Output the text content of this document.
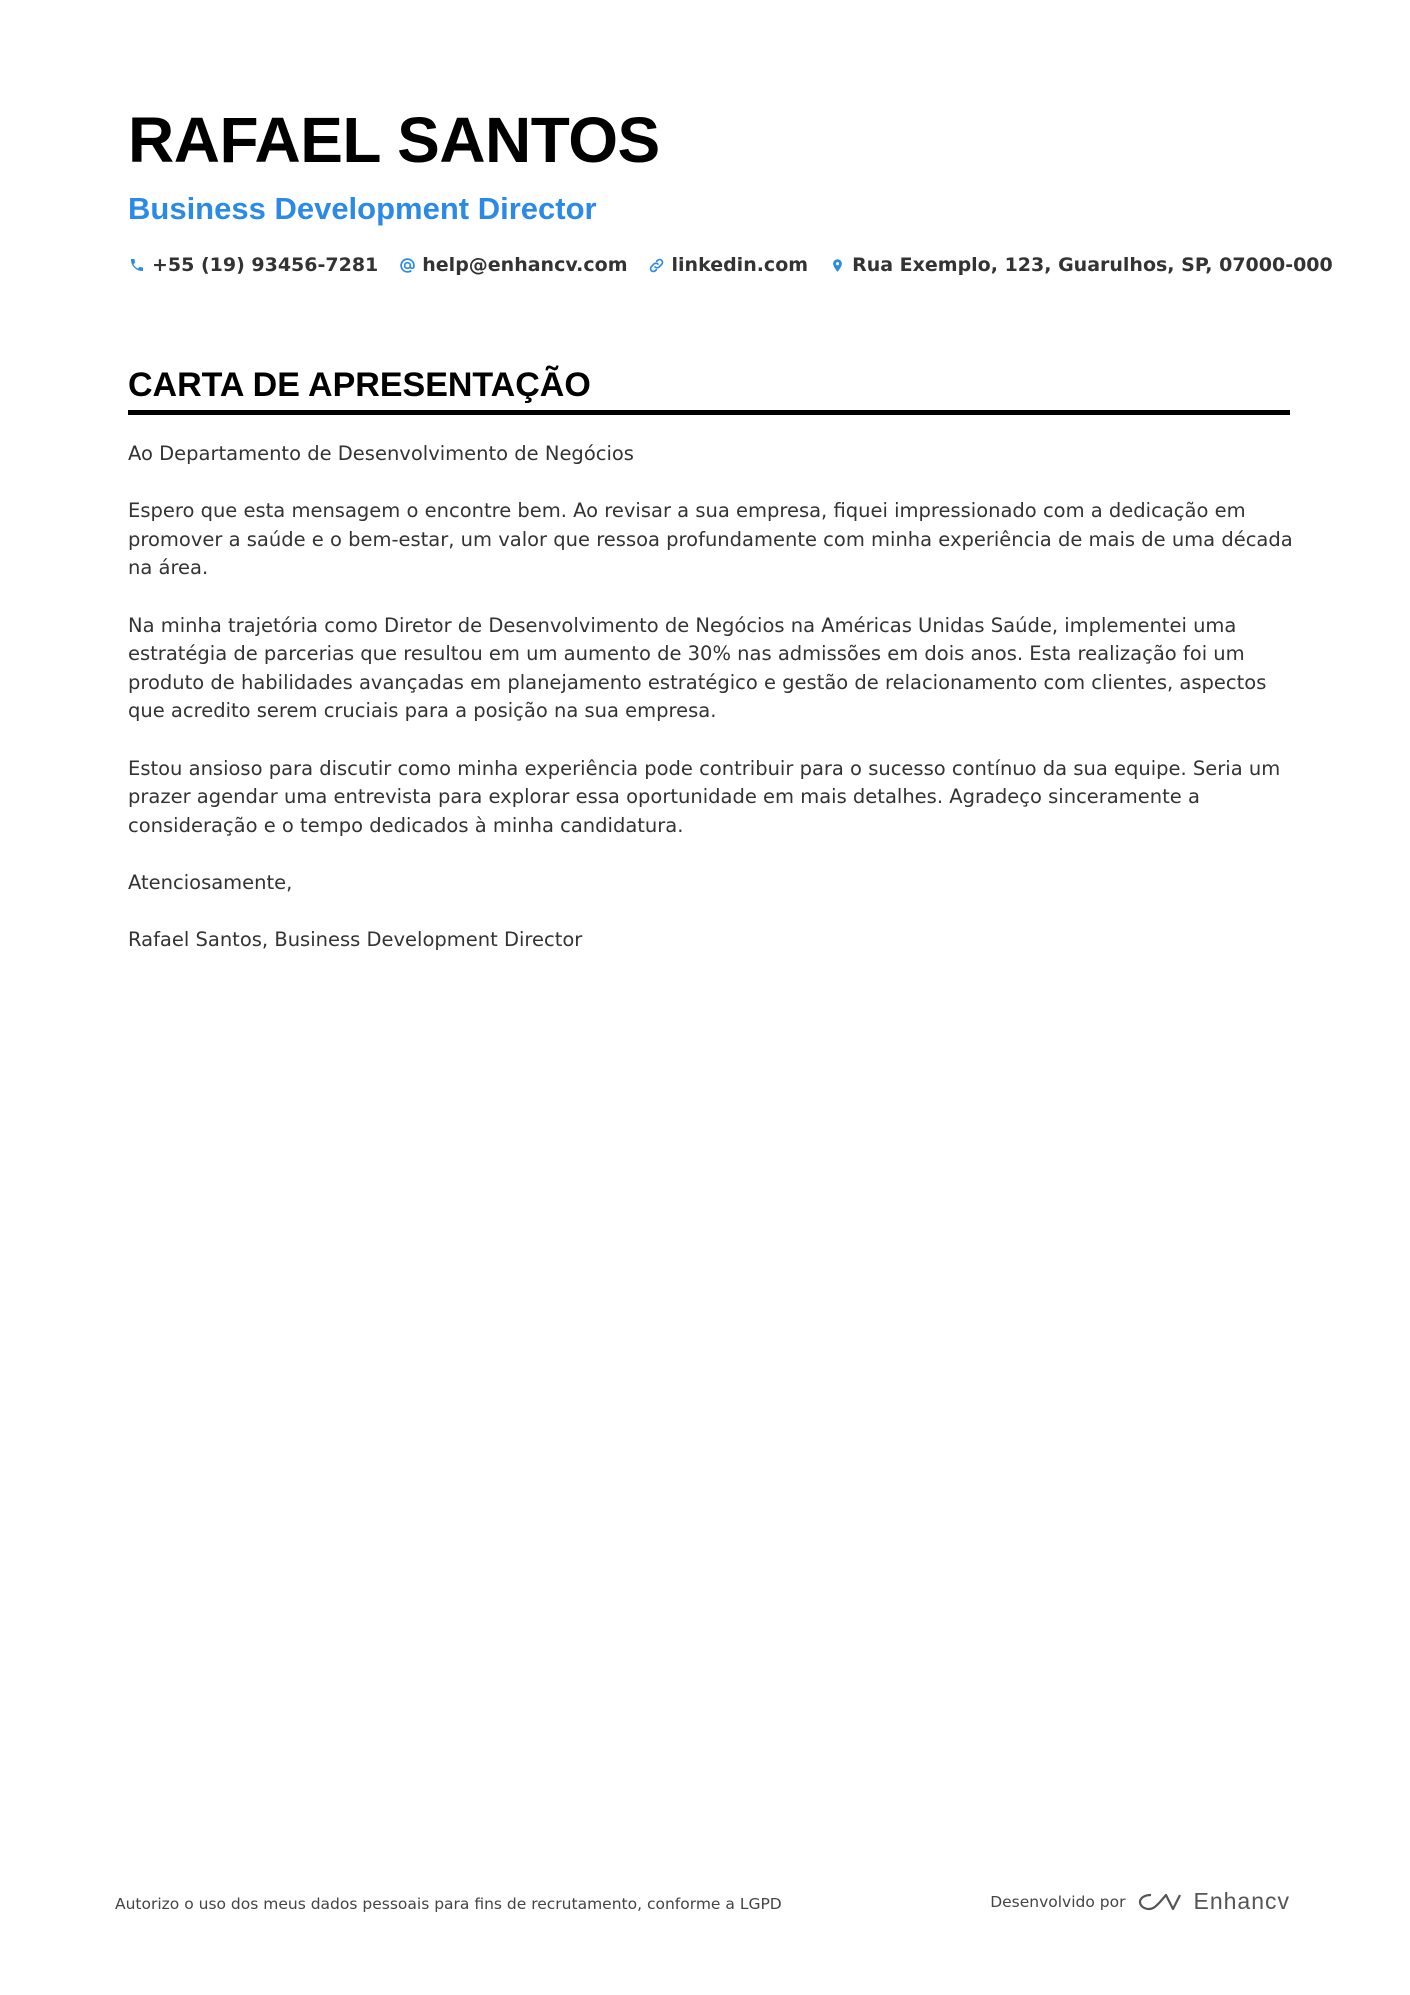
RAFAEL SANTOS
Business Development Director
+55 (19) 93456-7281 help@enhancv.com linkedin.com Rua Exemplo, 123, Guarulhos, SP, 07000-000
CARTA DE APRESENTAÇÃO

Ao Departamento de Desenvolvimento de Negócios

Espero que esta mensagem o encontre bem. Ao revisar a sua empresa, fiquei impressionado com a dedicação em promover a saúde e o bem-estar, um valor que ressoa profundamente com minha experiência de mais de uma década na área.

Na minha trajetória como Diretor de Desenvolvimento de Negócios na Américas Unidas Saúde, implementei uma estratégia de parcerias que resultou em um aumento de 30% nas admissões em dois anos. Esta realização foi um produto de habilidades avançadas em planejamento estratégico e gestão de relacionamento com clientes, aspectos que acredito serem cruciais para a posição na sua empresa.

Estou ansioso para discutir como minha experiência pode contribuir para o sucesso contínuo da sua equipe. Seria um prazer agendar uma entrevista para explorar essa oportunidade em mais detalhes. Agradeço sinceramente a consideração e o tempo dedicados à minha candidatura.

Atenciosamente,

Rafael Santos, Business Development Director

Autorizo o uso dos meus dados pessoais para fins de recrutamento, conforme a LGPD	Desenvolvido por	Enhancv
